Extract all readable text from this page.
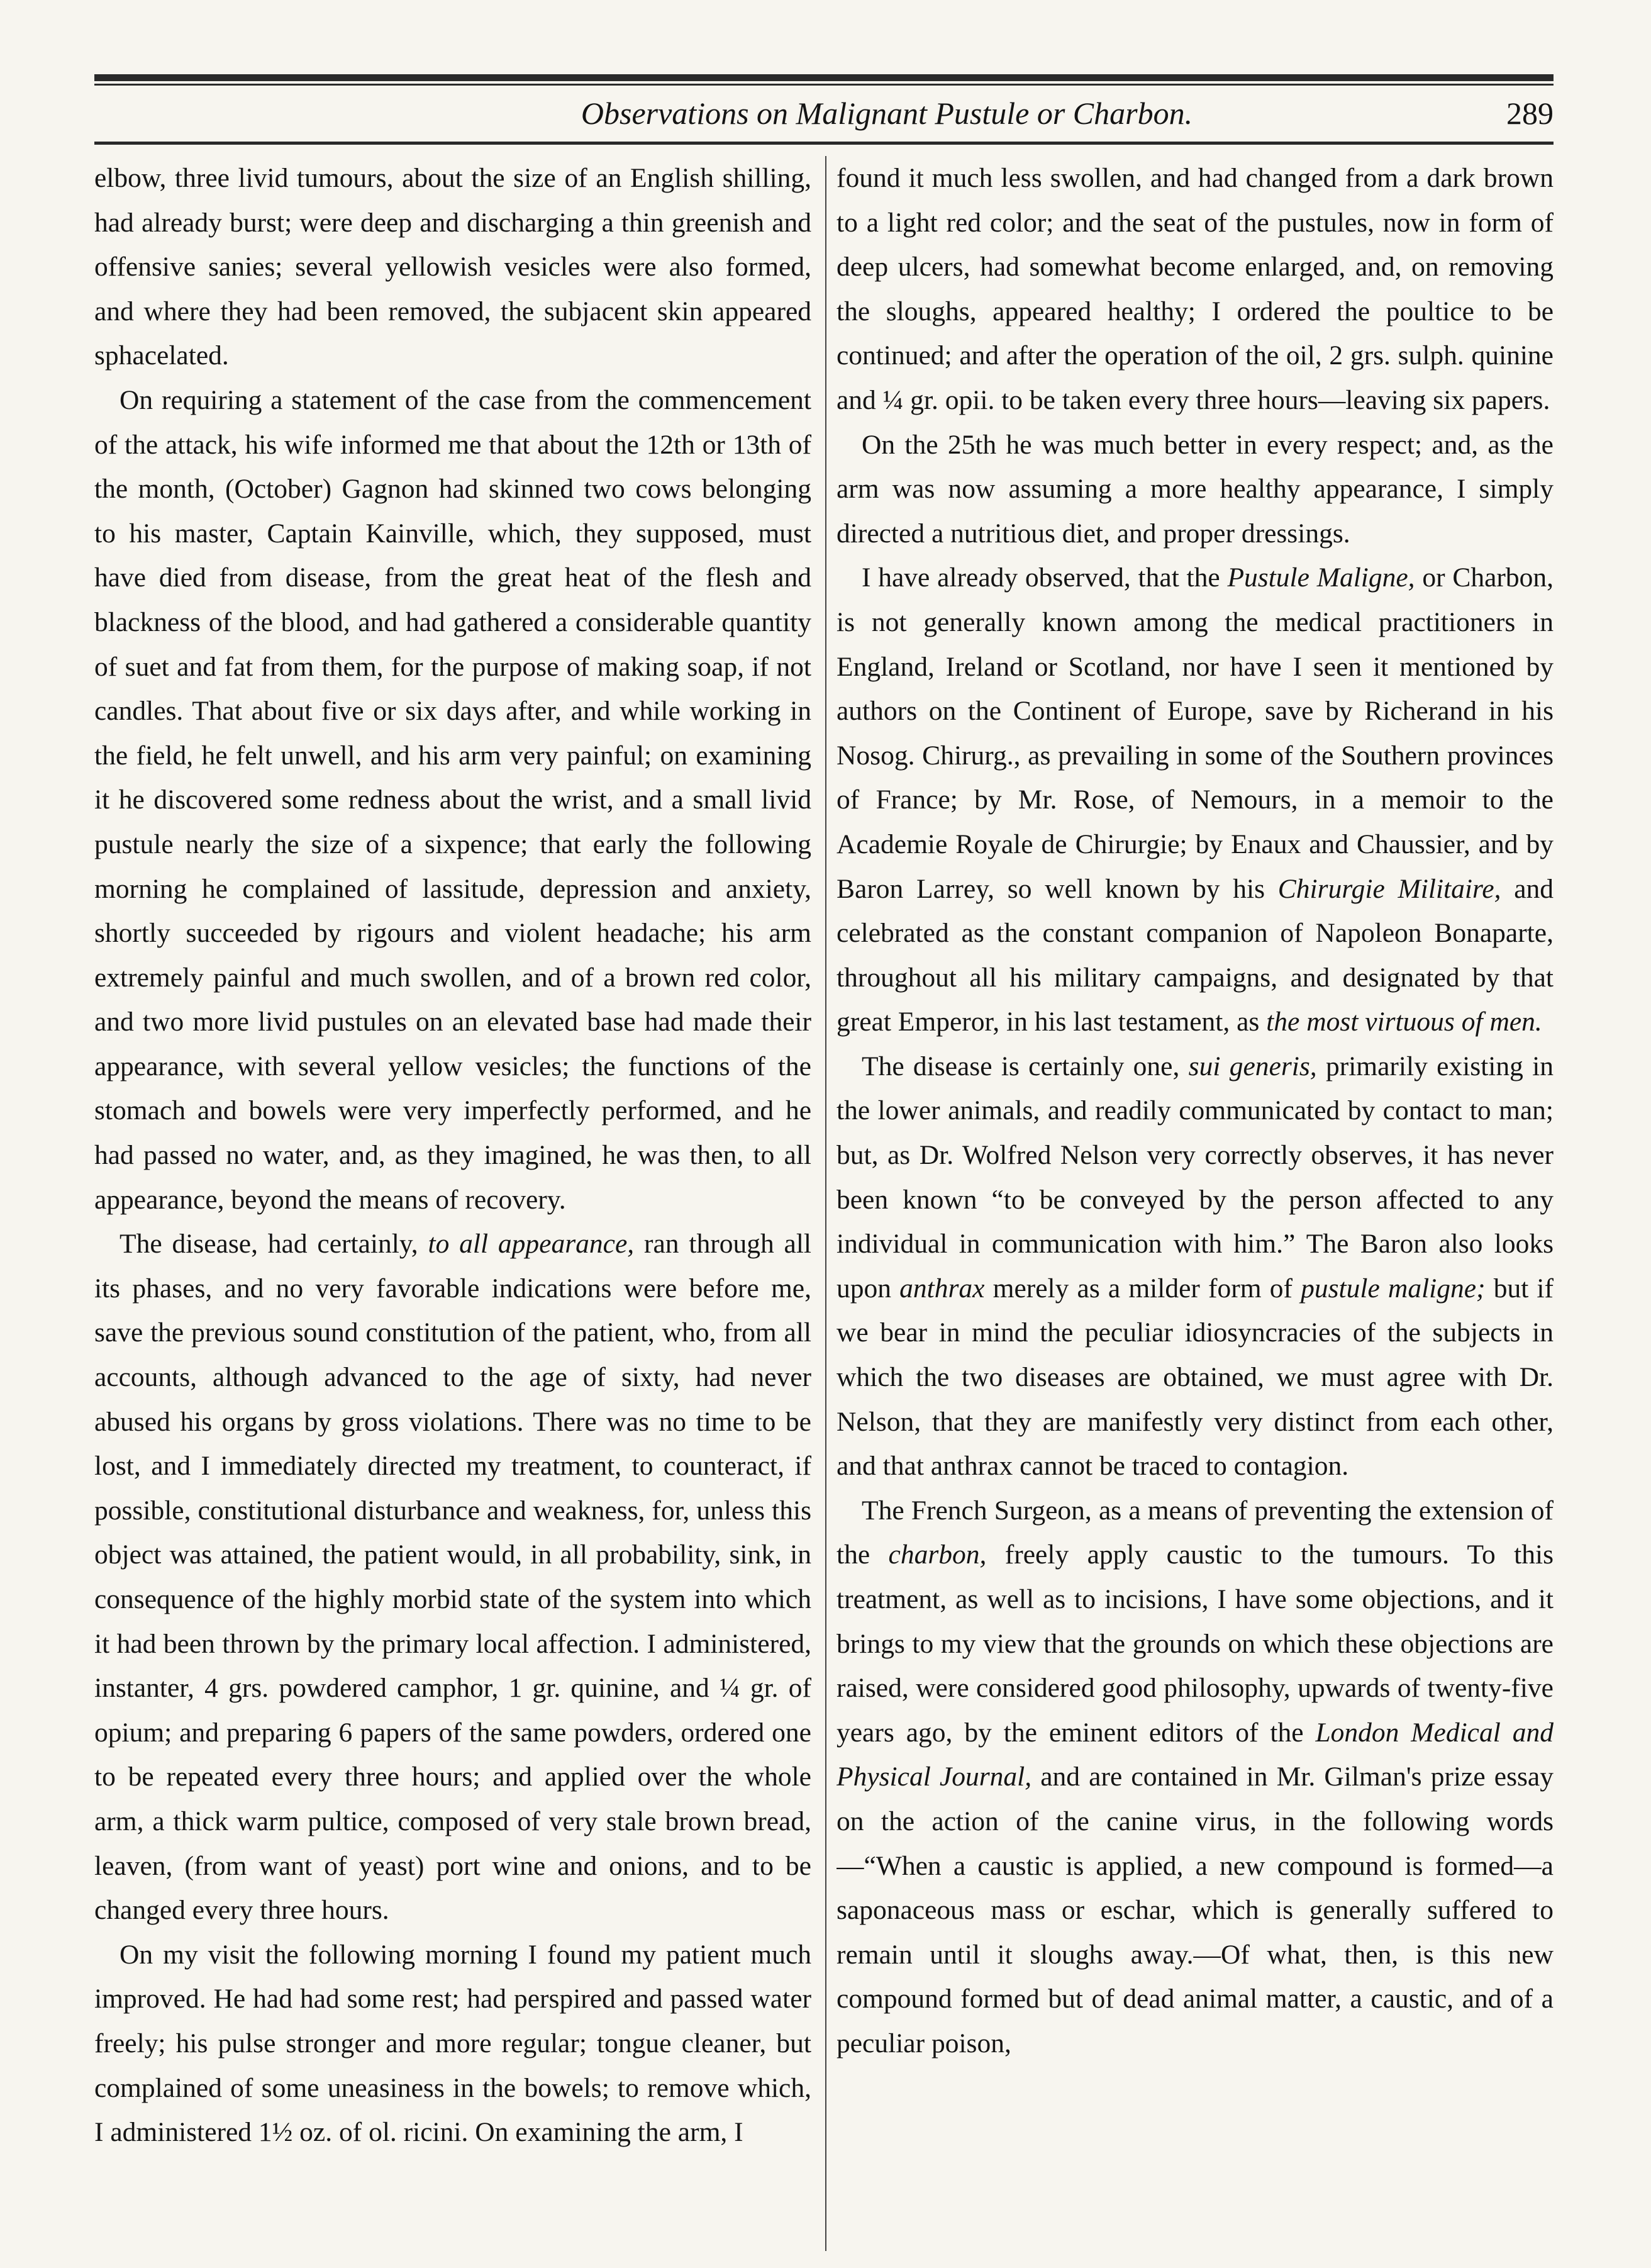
Observations on Malignant Pustule or Charbon.	289

elbow, three livid tumours, about the size of an English shilling, had already burst; were deep and discharging a thin greenish and offensive sanies; several yellowish vesicles were also formed, and where they had been removed, the subjacent skin appeared sphacelated.

On requiring a statement of the case from the commencement of the attack, his wife informed me that about the 12th or 13th of the month, (October) Gagnon had skinned two cows belonging to his master, Captain Kainville, which, they supposed, must have died from disease, from the great heat of the flesh and blackness of the blood, and had gathered a considerable quantity of suet and fat from them, for the purpose of making soap, if not candles. That about five or six days after, and while working in the field, he felt unwell, and his arm very painful; on examining it he discovered some redness about the wrist, and a small livid pustule nearly the size of a sixpence; that early the following morning he complained of lassitude, depression and anxiety, shortly succeeded by rigours and violent headache; his arm extremely painful and much swollen, and of a brown red color, and two more livid pustules on an elevated base had made their appearance, with several yellow vesicles; the functions of the stomach and bowels were very imperfectly performed, and he had passed no water, and, as they imagined, he was then, to all appearance, beyond the means of recovery.

The disease, had certainly, to all appearance, ran through all its phases, and no very favorable indications were before me, save the previous sound constitution of the patient, who, from all accounts, although advanced to the age of sixty, had never abused his organs by gross violations. There was no time to be lost, and I immediately directed my treatment, to counteract, if possible, constitutional disturbance and weakness, for, unless this object was attained, the patient would, in all probability, sink, in consequence of the highly morbid state of the system into which it had been thrown by the primary local affection. I administered, instanter, 4 grs. powdered camphor, 1 gr. quinine, and ¼ gr. of opium; and preparing 6 papers of the same powders, ordered one to be repeated every three hours; and applied over the whole arm, a thick warm pultice, composed of very stale brown bread, leaven, (from want of yeast) port wine and onions, and to be changed every three hours.

On my visit the following morning I found my patient much improved. He had had some rest; had perspired and passed water freely; his pulse stronger and more regular; tongue cleaner, but complained of some uneasiness in the bowels; to remove which, I administered 1½ oz. of ol. ricini. On examining the arm, I

found it much less swollen, and had changed from a dark brown to a light red color; and the seat of the pustules, now in form of deep ulcers, had somewhat become enlarged, and, on removing the sloughs, appeared healthy; I ordered the poultice to be continued; and after the operation of the oil, 2 grs. sulph. quinine and ¼ gr. opii. to be taken every three hours—leaving six papers.

On the 25th he was much better in every respect; and, as the arm was now assuming a more healthy appearance, I simply directed a nutritious diet, and proper dressings.

I have already observed, that the Pustule Maligne, or Charbon, is not generally known among the medical practitioners in England, Ireland or Scotland, nor have I seen it mentioned by authors on the Continent of Europe, save by Richerand in his Nosog. Chirurg., as prevailing in some of the Southern provinces of France; by Mr. Rose, of Nemours, in a memoir to the Academie Royale de Chirurgie; by Enaux and Chaussier, and by Baron Larrey, so well known by his Chirurgie Militaire, and celebrated as the constant companion of Napoleon Bonaparte, throughout all his military campaigns, and designated by that great Emperor, in his last testament, as the most virtuous of men.

The disease is certainly one, sui generis, primarily existing in the lower animals, and readily communicated by contact to man; but, as Dr. Wolfred Nelson very correctly observes, it has never been known “to be conveyed by the person affected to any individual in communication with him.” The Baron also looks upon anthrax merely as a milder form of pustule maligne; but if we bear in mind the peculiar idiosyncracies of the subjects in which the two diseases are obtained, we must agree with Dr. Nelson, that they are manifestly very distinct from each other, and that anthrax cannot be traced to contagion.

The French Surgeon, as a means of preventing the extension of the charbon, freely apply caustic to the tumours. To this treatment, as well as to incisions, I have some objections, and it brings to my view that the grounds on which these objections are raised, were considered good philosophy, upwards of twenty-five years ago, by the eminent editors of the London Medical and Physical Journal, and are contained in Mr. Gilman's prize essay on the action of the canine virus, in the following words—“When a caustic is applied, a new compound is formed—a saponaceous mass or eschar, which is generally suffered to remain until it sloughs away.—Of what, then, is this new compound formed but of dead animal matter, a caustic, and of a peculiar poison,
